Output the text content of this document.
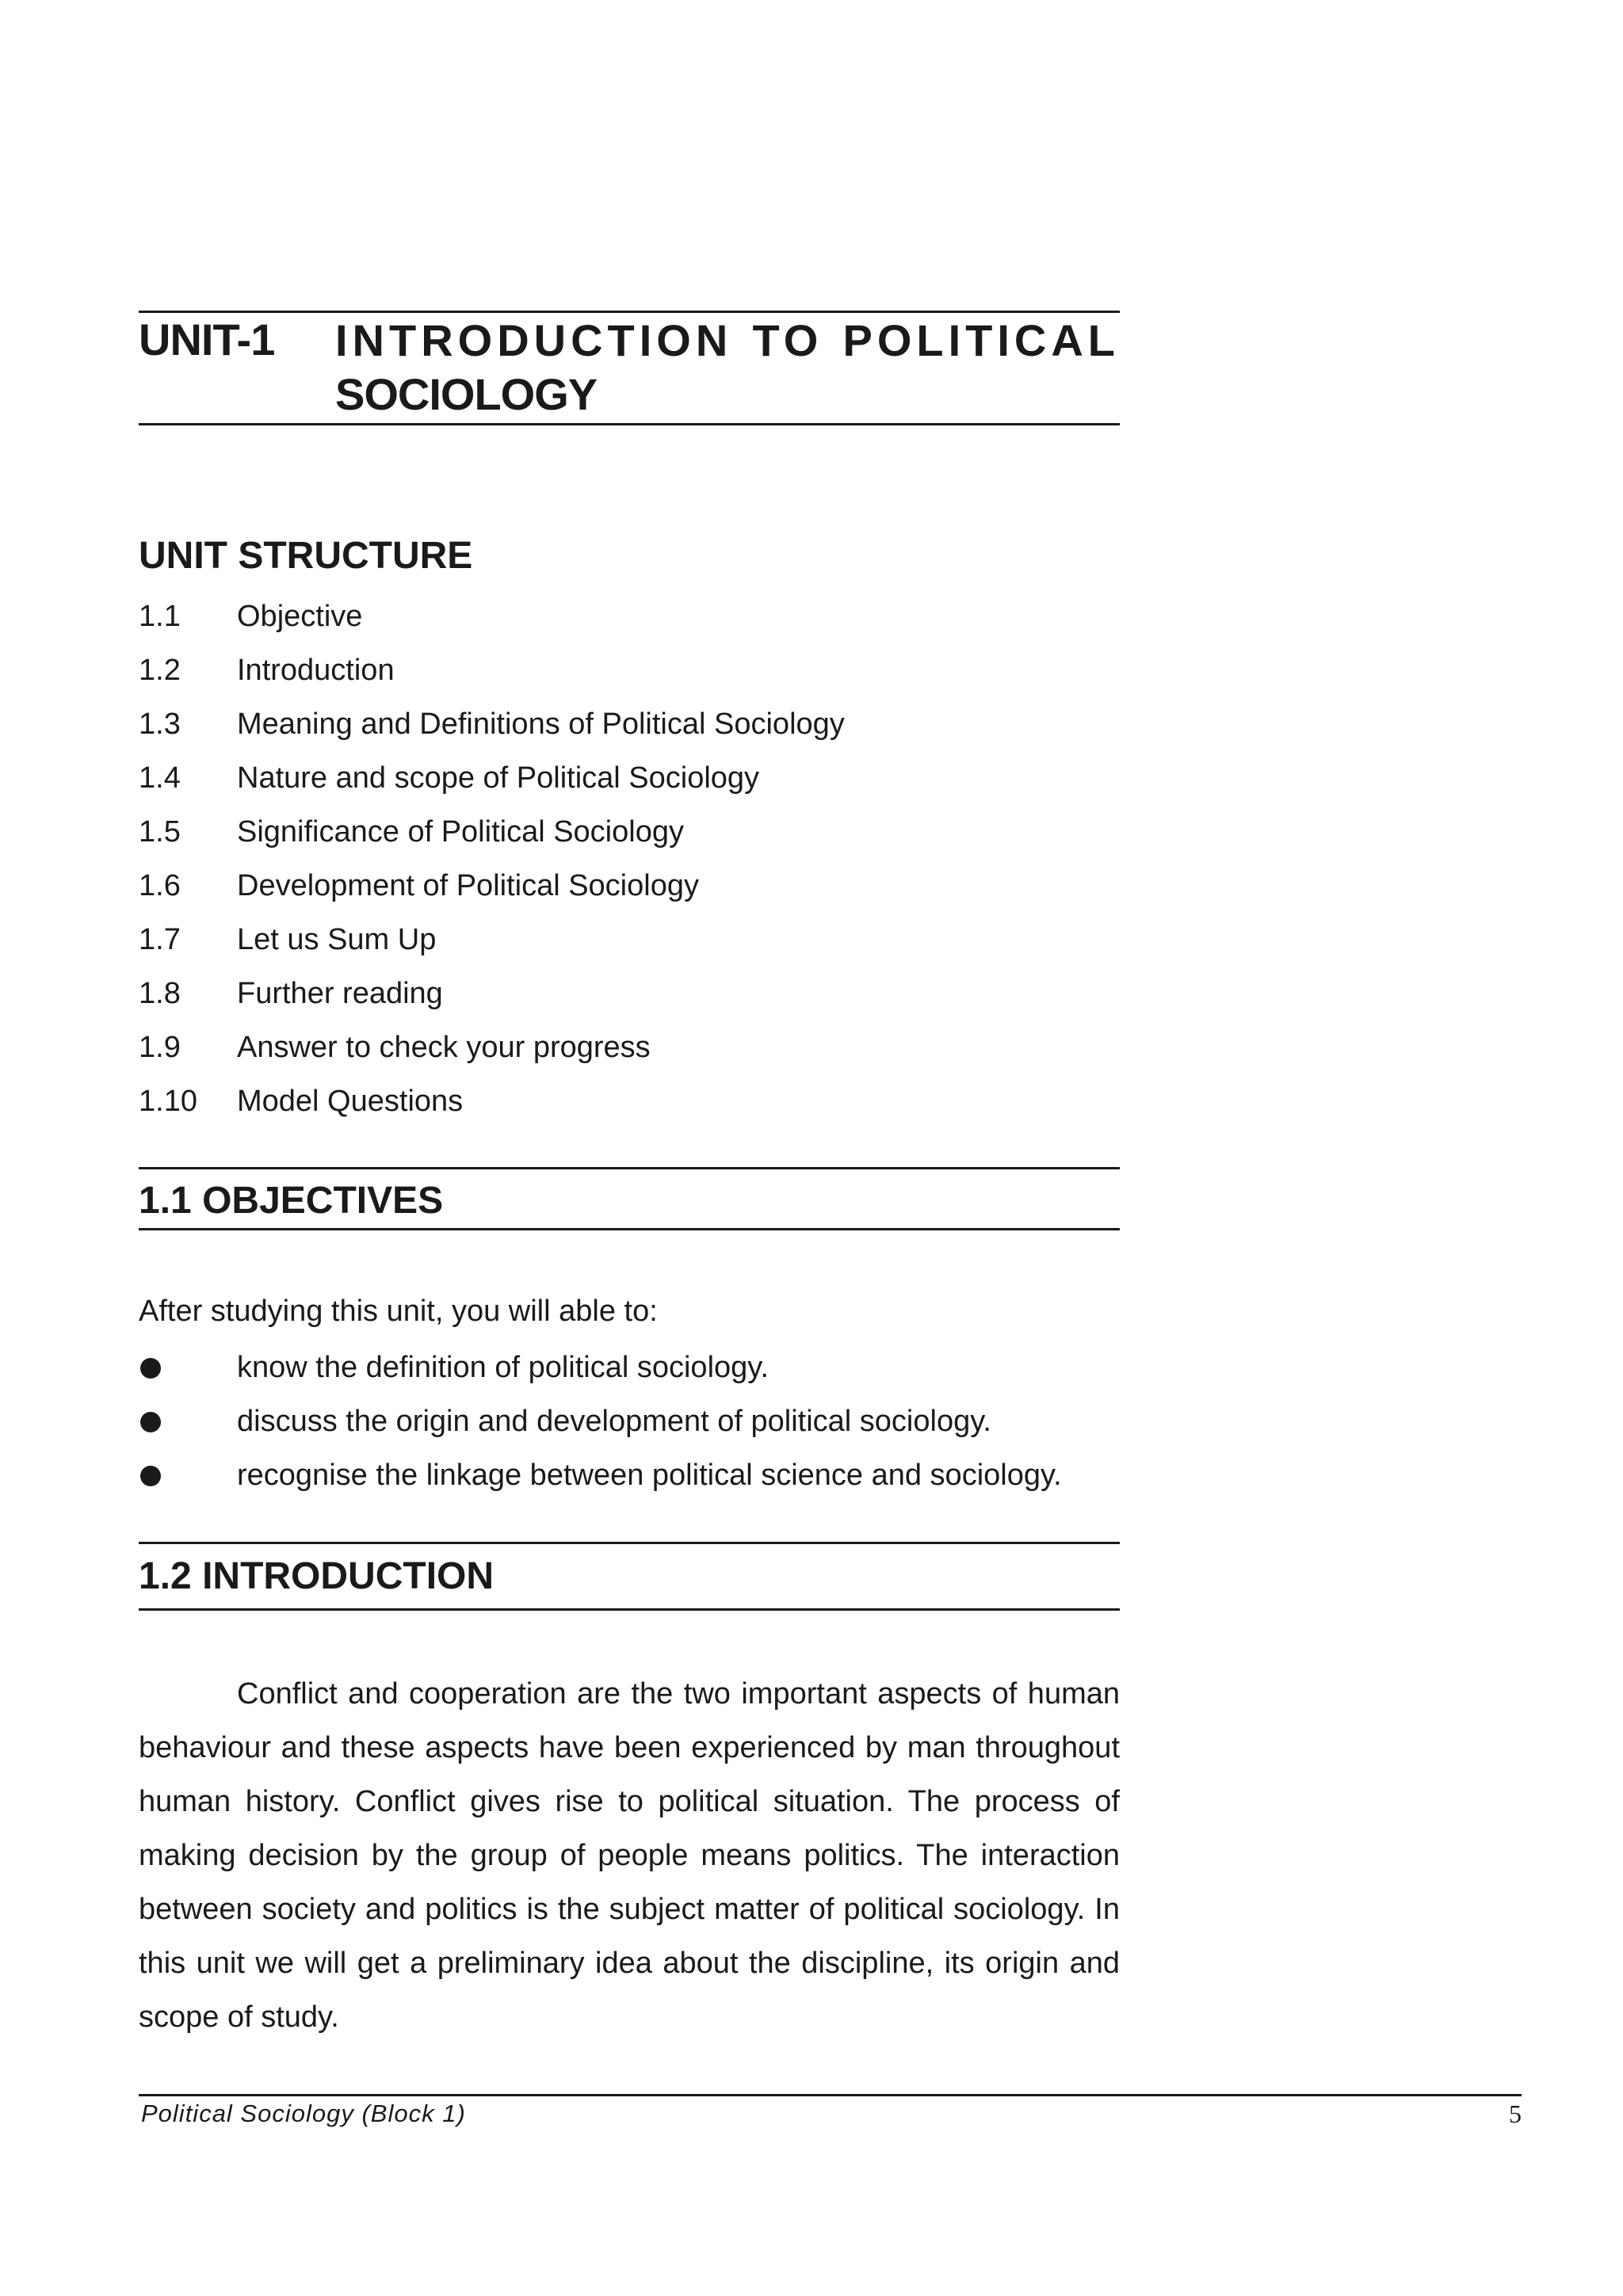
UNIT-1 INTRODUCTION TO POLITICAL
SOCIOLOGY
UNIT STRUCTURE
1.1 Objective
1.2 Introduction
1.3 Meaning and Definitions of Political Sociology
1.4 Nature and scope of Political Sociology
1.5 Significance of Political Sociology
1.6 Development of Political Sociology
1.7 Let us Sum Up
1.8 Further reading
1.9 Answer to check your progress
1.10 Model Questions
1.1 OBJECTIVES
After studying this unit, you will able to:
know the definition of political sociology.
discuss the origin and development of political sociology.
recognise the linkage between political science and sociology.
1.2 INTRODUCTION

Conflict and cooperation are the two important aspects of human behaviour and these aspects have been experienced by man throughout human history. Conflict gives rise to political situation. The process of making decision by the group of people means politics. The interaction between society and politics is the subject matter of political sociology. In this unit we will get a preliminary idea about the discipline, its origin and scope of study.

Political Sociology (Block 1)	5
